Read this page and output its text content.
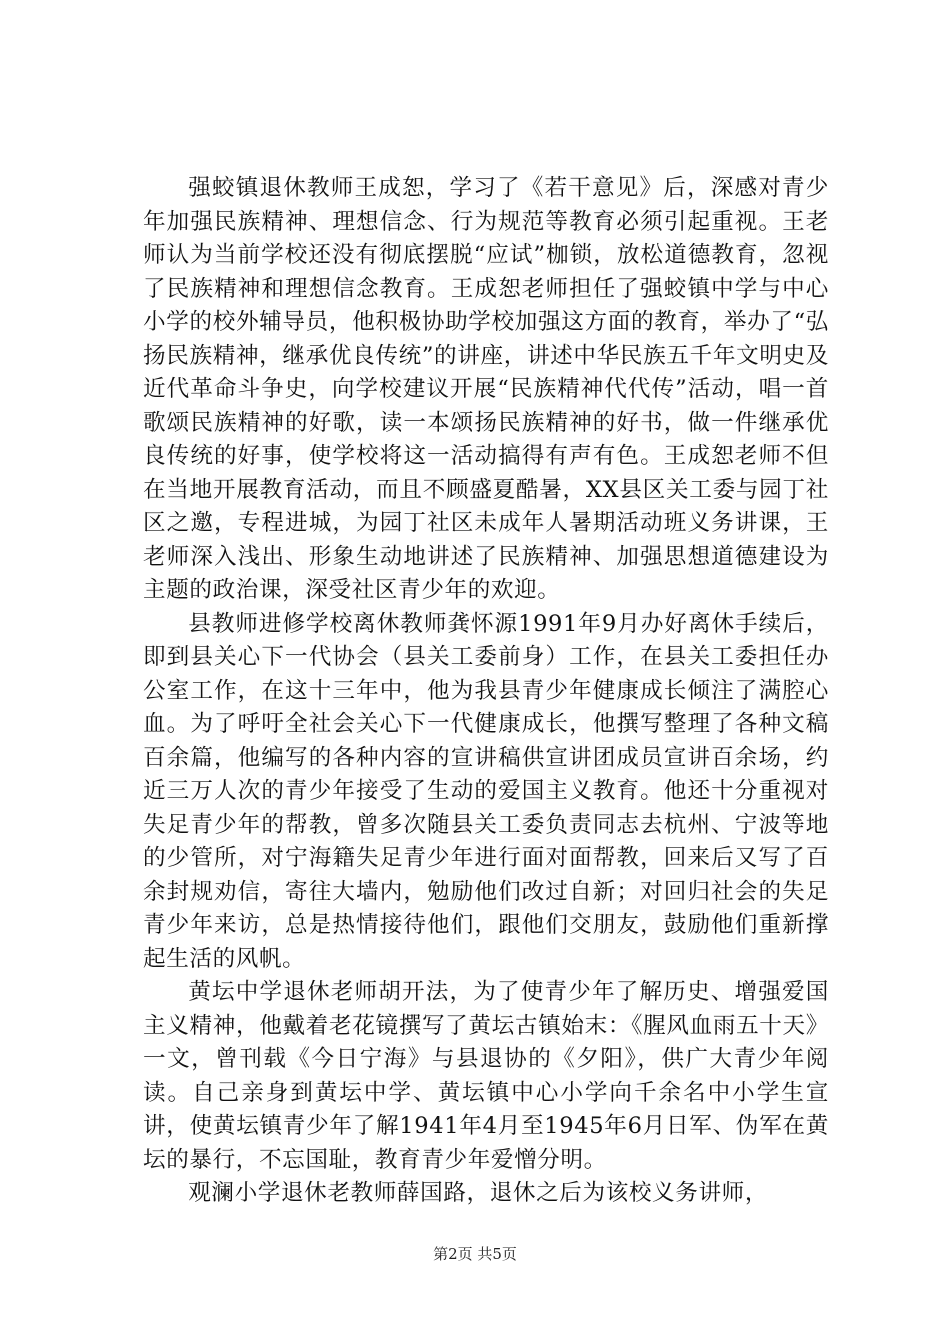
强蛟镇退休教师王成恕，学习了《若干意见》后，深感对青少年加强民族精神、理想信念、行为规范等教育必须引起重视。王老师认为当前学校还没有彻底摆脱“应试”枷锁，放松道德教育，忽视了民族精神和理想信念教育。王成恕老师担任了强蛟镇中学与中心小学的校外辅导员，他积极协助学校加强这方面的教育，举办了“弘扬民族精神，继承优良传统”的讲座，讲述中华民族五千年文明史及近代革命斗争史，向学校建议开展“民族精神代代传”活动，唱一首歌颂民族精神的好歌，读一本颂扬民族精神的好书，做一件继承优良传统的好事，使学校将这一活动搞得有声有色。王成恕老师不但在当地开展教育活动，而且不顾盛夏酷暑，XX县区关工委与园丁社区之邀，专程进城，为园丁社区未成年人暑期活动班义务讲课，王老师深入浅出、形象生动地讲述了民族精神、加强思想道德建设为主题的政治课，深受社区青少年的欢迎。

县教师进修学校离休教师龚怀源1991年9月办好离休手续后，即到县关心下一代协会（县关工委前身）工作，在县关工委担任办公室工作，在这十三年中，他为我县青少年健康成长倾注了满腔心血。为了呼吁全社会关心下一代健康成长，他撰写整理了各种文稿百余篇，他编写的各种内容的宣讲稿供宣讲团成员宣讲百余场，约近三万人次的青少年接受了生动的爱国主义教育。他还十分重视对失足青少年的帮教，曾多次随县关工委负责同志去杭州、宁波等地的少管所，对宁海籍失足青少年进行面对面帮教，回来后又写了百余封规劝信，寄往大墙内，勉励他们改过自新；对回归社会的失足青少年来访，总是热情接待他们，跟他们交朋友，鼓励他们重新撑起生活的风帆。

黄坛中学退休老师胡开法，为了使青少年了解历史、增强爱国主义精神，他戴着老花镜撰写了黄坛古镇始末：《腥风血雨五十天》一文，曾刊载《今日宁海》与县退协的《夕阳》，供广大青少年阅读。自己亲身到黄坛中学、黄坛镇中心小学向千余名中小学生宣讲，使黄坛镇青少年了解1941年4月至1945年6月日军、伪军在黄坛的暴行，不忘国耻，教育青少年爱憎分明。

观澜小学退休老教师薛国路，退休之后为该校义务讲师，

第2页 共5页
